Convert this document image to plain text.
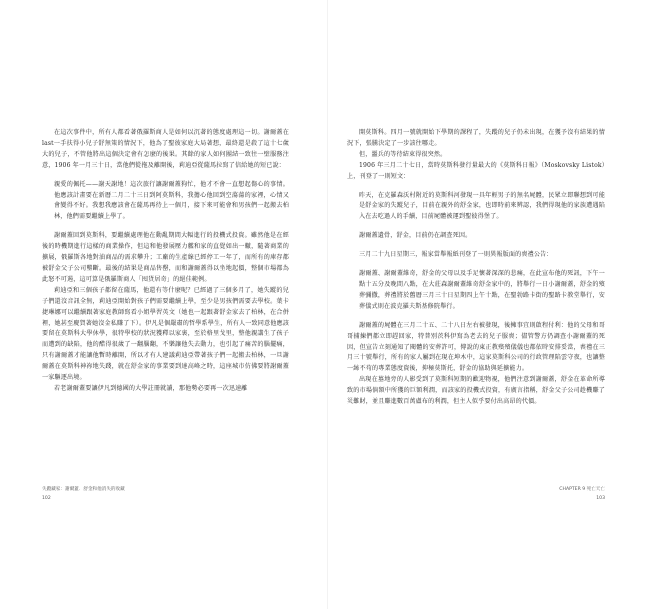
在這次事件中，所有人都看著俄羅斯商人是如何以沉著的態度處理這一切。謝爾蓋在last一手扶得小兒子舒無策的情況下，他為了聖彼家庭大局著想，最終還是殺了這十七歲大的兒子，不管他將出這個決定會有怎麼的後果。其餘的家人如何團結一致往一壁服務注意，1906 年一月三十日，當他們從拖及離開後，莉迪亞從薩馬拉寫了信給她的短已說：

親愛的佩托——謝天謝地！這次旅行讓謝爾蓋狗忙，他才不會一直想起傷心的事情。他應該計畫要在新曆二月二十三日到阿莫斯科，我擔心他回到空蕩蕩的家裡，心情又會變得不好。我想我應該會在薩馬再待上一個月，接下來可能會和男孩們一起搬去柏林，他們需要繼續上學了。

謝爾蓋回到莫斯科，要繼續處理他在動亂期間大幅進行的投機式投資。雖然他是在經後的時機期進行這樣的商業操作，但這和他發展壓力艦和家的直覺如出一轍，隨著商業的擴展，俄羅斯各地對油商品的需求攀升；工廠的生產線已經停工一年了，而所有的庫存都被舒金父子公司壟斷。最後的結果是商品售罄，而和謝爾蓋得以坐地起價，整個市場都為此怒不可遏，這可算是俄羅斯商人「囤貨居奇」的絕佳範例。

莉迪亞和三個孩子都留在薩馬，他還有等什麼呢？已經過了三個多月了，她失蹤的兒子們還沒音訊全無，莉迪亞開始對孩子們需要繼續上學，至少是男孩們需要去學校。葉卡捷琳娜可以繼續跟著家庭教師寫看小姐學習英文（她也一起跟著舒金家去了柏林，在合併裡，她甚至慶賀著她沒金私賺了下）。伊凡是個嚴肅的哲學系學生，所有人一致同意他應該要留在莫斯科大學休學，很特學校的狀況獲釋以家裏，至於格里戈里，整他親講生了孩子而遭到的缺陷，他的醋得很歲了一翻腦翻，不樂讓他失去動力，也引起了痛苦的腦擺痛，只有謝爾蓋才能讓他暫時離開，所以才有人建議莉迪亞帶著孩子們一起搬去柏林，一旦謝爾蓋在莫斯科神祢地失踐，就在舒金家的事業要到達高峰之時，這座城市仿佛要將謝爾蓋一家驅逐出境。

若老謝爾蓋要讓伊凡到德國的大學註冊就讀，那他勢必要再一次迅速離

失蹤藏家：謝爾蓋．舒金和他消失的收藏
102

開莫斯科。四月一號就開始下學期的課程了，失蹤的兒子仍未出現，在獲予沒有結果的情況下，張騰決定了一步該往哪走。

但，噩兵的等待結束得很突然。

1906 年三月二十七日，當時莫斯科發行量最大的《莫斯科日報》（Moskovsky Listok）上，刊登了一則短文：

昨天，在克羅森沃村附近的莫斯科河發現一具年輕男子的無名屍體，民眾立即聯想到可能是舒金家的失蹤兒子，目前在親外的舒金家，也即時前來辨認，我們得現他的家族遭遇陷入在去吃過人的手續，目前屍體被運到聖彼得堡了。

謝爾蓋遺骨，舒金，目前仍在調查死因。

三月二十九日星期三，報家當舉報紙刊登了一則異報版面的喪禮公告：

謝爾蓋、謝爾蓋維奇，舒金的父母以及手足懷著深深的悲痛，在此宣布他的死訊，下午一點十五分及晚間八點，在大莊森謝爾蓋維奇舒金家中的，將舉行一日小謝爾蓋，舒金的殯葬彌撒，葬禮將於舊曆三月三十日星期四上午十點，在聖勃路卡街的聖路卡教堂舉行，安葬儀式則在波克羅夫斯基修院舉行。

謝爾蓋的屍體在三月二十五、二十八日左右被發現，後擁事宜則啟程付利：他的父母和哥哥捕揀們都立即趕回家，特普別茨科伊寫為老去的兒子服喪；儘管警方仍調查小謝爾蓋的死因，但宣告立刻通知了閱體的安葬許可，傳說的東正教殯殯儀儀也都依時安排妥當，喪禮在三月三十號舉行，所有的家人屬到在現在坤木中，這家莫斯科公司的行政管理陷雲守夜，也讓整一絲不苟的專業態度資後，抑極莫斯托，舒金的協助與延擴能力。

出現在墓地旁的人影受到了莫斯科短期的歡迎物視，他們注意到謝爾蓋，舒金在革命所導致的市場倘額中所獲的巨額利潤，而該家的投機式投資，有廣言指稱，舒金父子公司趁機賺了災難財，並且賺進數百萬盧布的利潤，但主人似乎要付出高昂的代價。

CHAPTER 9 死亡天亡
103
